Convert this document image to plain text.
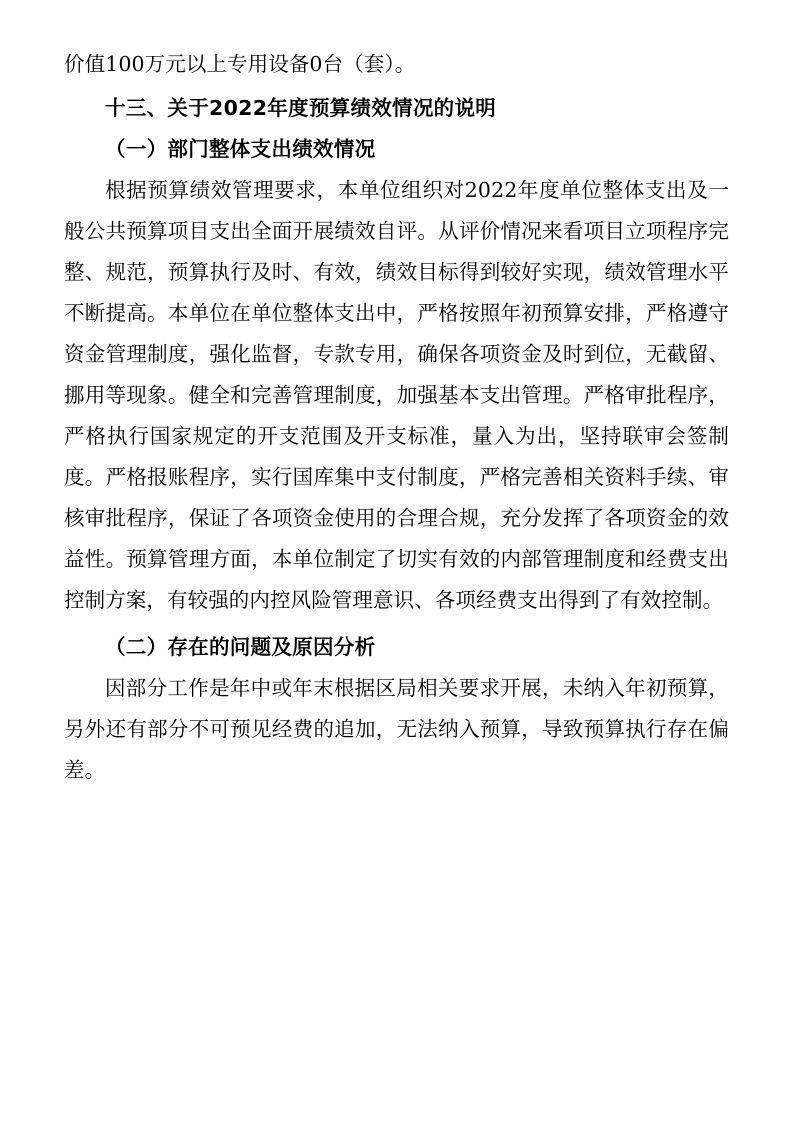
价值100万元以上专用设备0台（套）。

十三、关于2022年度预算绩效情况的说明

（一）部门整体支出绩效情况

根据预算绩效管理要求，本单位组织对2022年度单位整体支出及一般公共预算项目支出全面开展绩效自评。从评价情况来看项目立项程序完整、规范，预算执行及时、有效，绩效目标得到较好实现，绩效管理水平不断提高。本单位在单位整体支出中，严格按照年初预算安排，严格遵守资金管理制度，强化监督，专款专用，确保各项资金及时到位，无截留、挪用等现象。健全和完善管理制度，加强基本支出管理。严格审批程序，严格执行国家规定的开支范围及开支标准，量入为出，坚持联审会签制度。严格报账程序，实行国库集中支付制度，严格完善相关资料手续、审核审批程序，保证了各项资金使用的合理合规，充分发挥了各项资金的效益性。预算管理方面，本单位制定了切实有效的内部管理制度和经费支出控制方案，有较强的内控风险管理意识、各项经费支出得到了有效控制。

（二）存在的问题及原因分析

因部分工作是年中或年末根据区局相关要求开展，未纳入年初预算，另外还有部分不可预见经费的追加，无法纳入预算，导致预算执行存在偏差。
